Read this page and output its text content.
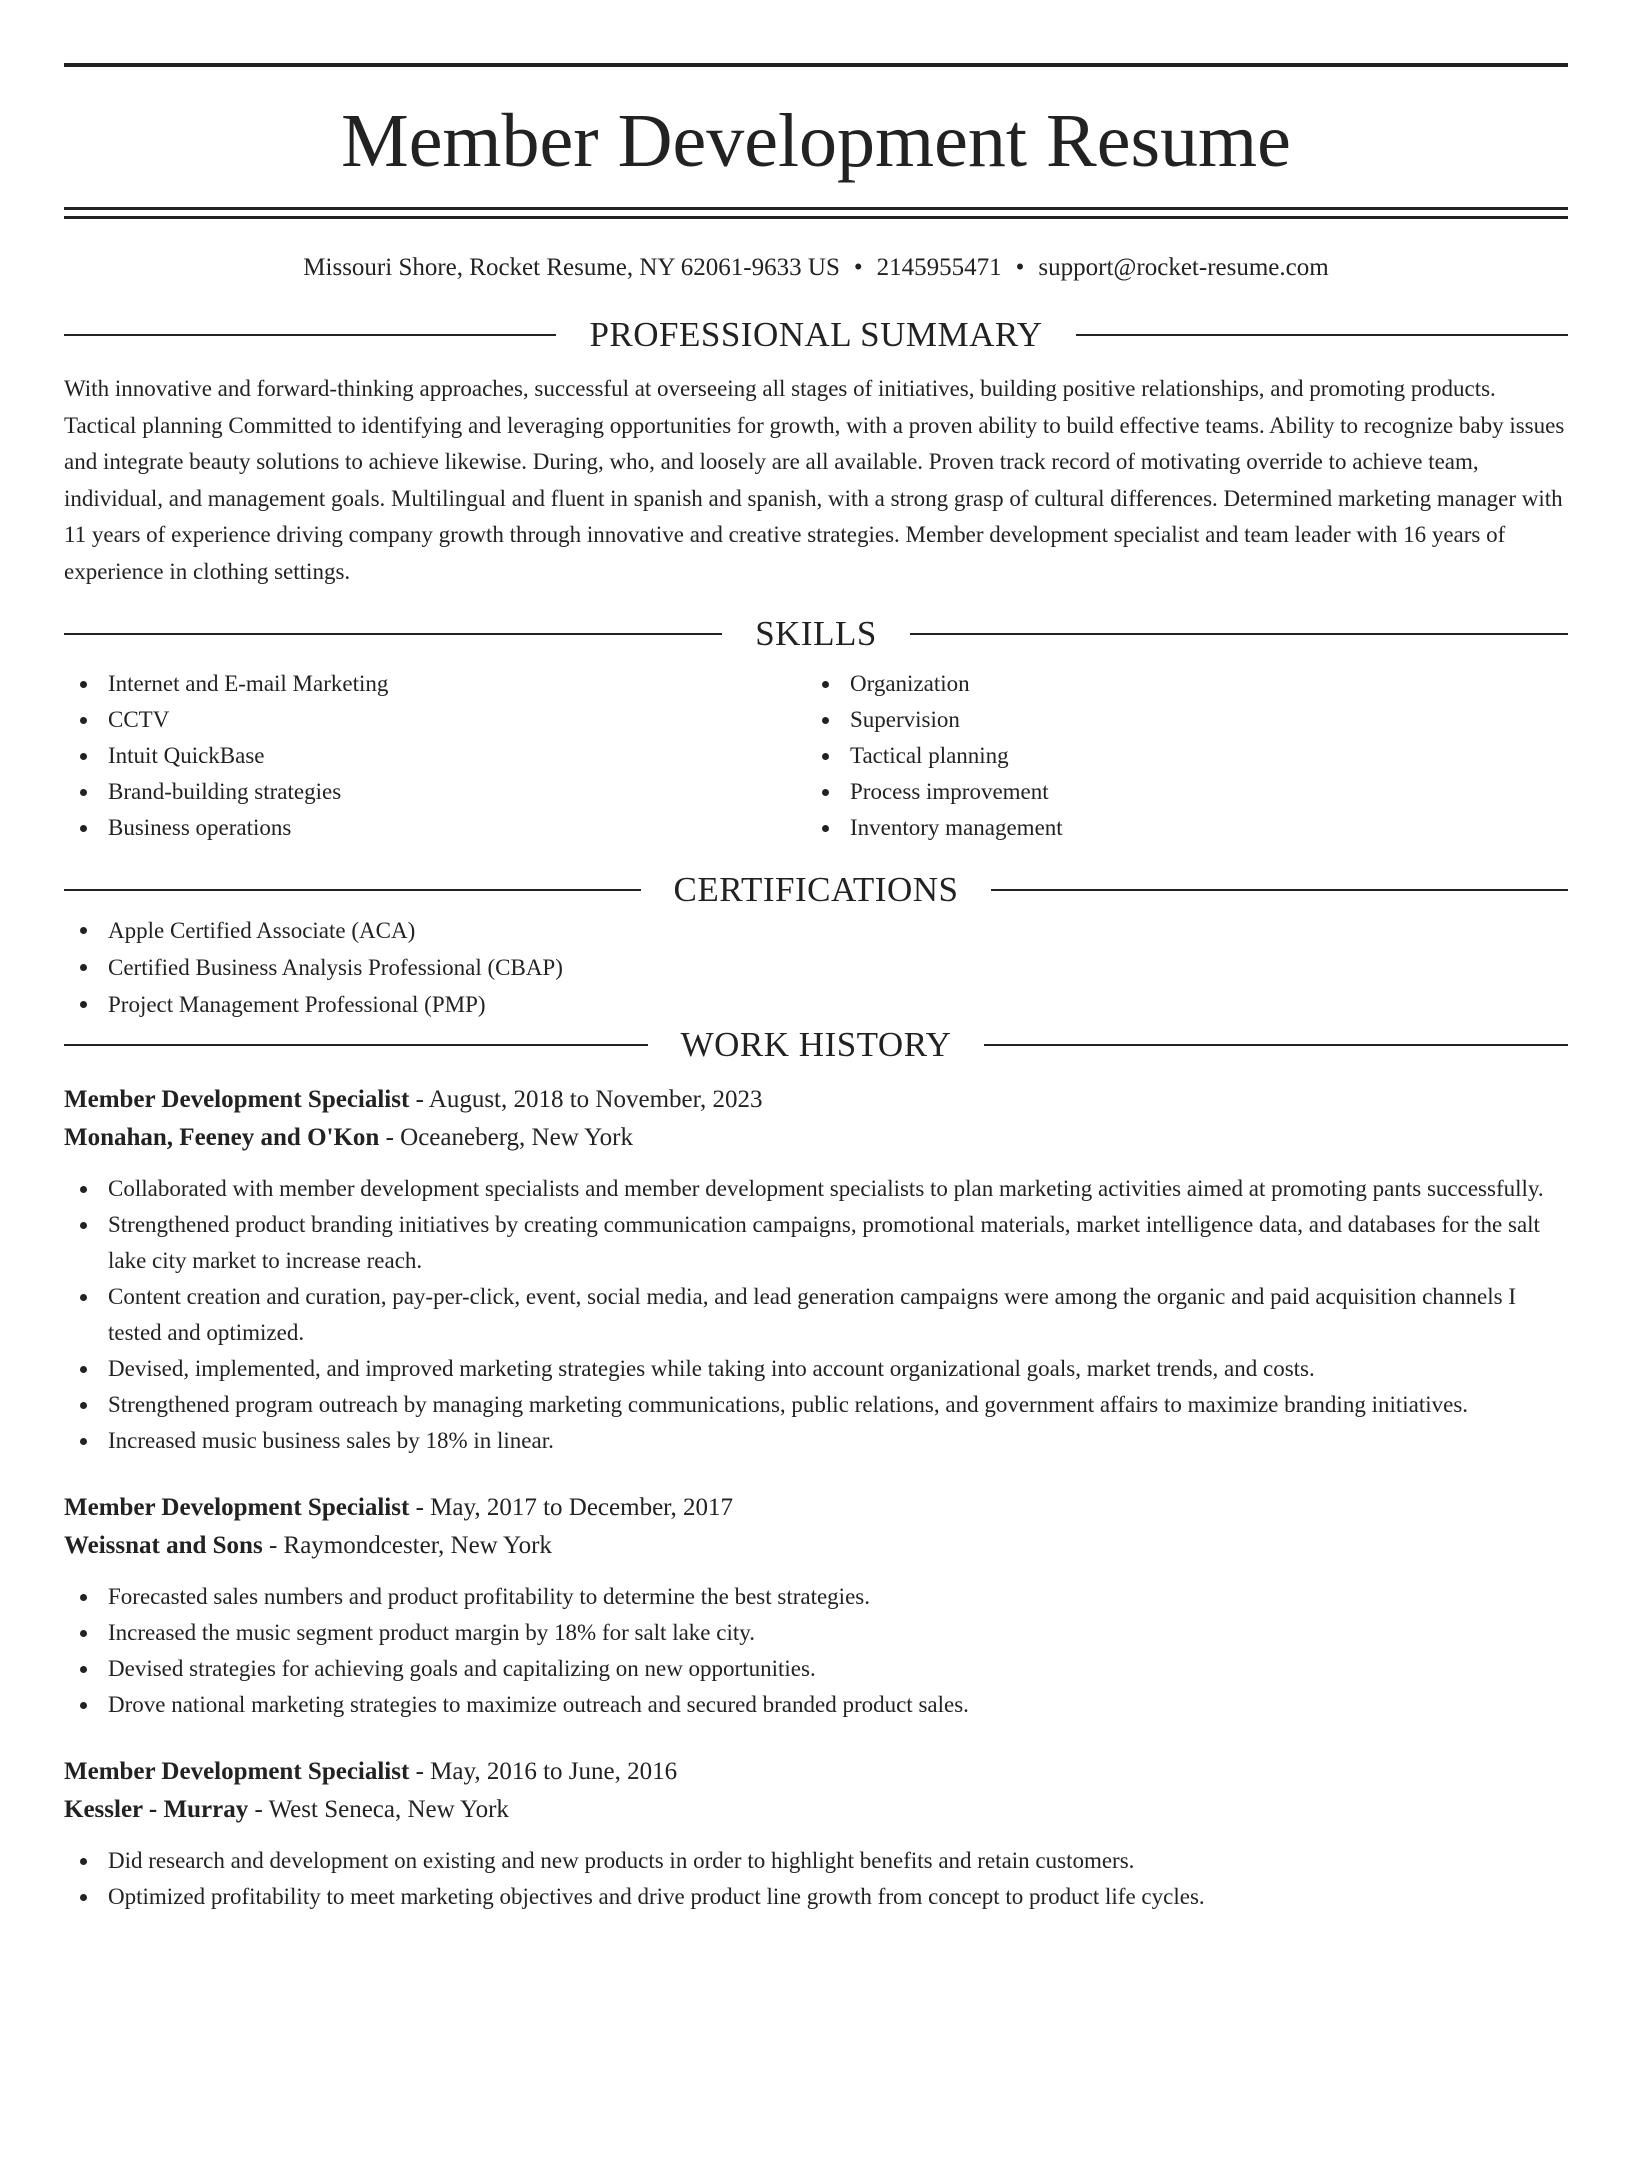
Member Development Resume
Missouri Shore, Rocket Resume, NY 62061-9633 US • 2145955471 • support@rocket-resume.com
PROFESSIONAL SUMMARY

With innovative and forward-thinking approaches, successful at overseeing all stages of initiatives, building positive relationships, and promoting products. Tactical planning Committed to identifying and leveraging opportunities for growth, with a proven ability to build effective teams. Ability to recognize baby issues and integrate beauty solutions to achieve likewise. During, who, and loosely are all available. Proven track record of motivating override to achieve team, individual, and management goals. Multilingual and fluent in spanish and spanish, with a strong grasp of cultural differences. Determined marketing manager with 11 years of experience driving company growth through innovative and creative strategies. Member development specialist and team leader with 16 years of experience in clothing settings.

SKILLS
Internet and E-mail Marketing
CCTV
Intuit QuickBase
Brand-building strategies
Business operations
Organization
Supervision
Tactical planning
Process improvement
Inventory management
CERTIFICATIONS
Apple Certified Associate (ACA)
Certified Business Analysis Professional (CBAP)
Project Management Professional (PMP)
WORK HISTORY
Member Development Specialist - August, 2018 to November, 2023
Monahan, Feeney and O'Kon - Oceaneberg, New York
Collaborated with member development specialists and member development specialists to plan marketing activities aimed at promoting pants successfully.
Strengthened product branding initiatives by creating communication campaigns, promotional materials, market intelligence data, and databases for the salt lake city market to increase reach.
Content creation and curation, pay-per-click, event, social media, and lead generation campaigns were among the organic and paid acquisition channels I tested and optimized.
Devised, implemented, and improved marketing strategies while taking into account organizational goals, market trends, and costs.
Strengthened program outreach by managing marketing communications, public relations, and government affairs to maximize branding initiatives.
Increased music business sales by 18% in linear.
Member Development Specialist - May, 2017 to December, 2017
Weissnat and Sons - Raymondcester, New York
Forecasted sales numbers and product profitability to determine the best strategies.
Increased the music segment product margin by 18% for salt lake city.
Devised strategies for achieving goals and capitalizing on new opportunities.
Drove national marketing strategies to maximize outreach and secured branded product sales.
Member Development Specialist - May, 2016 to June, 2016
Kessler - Murray - West Seneca, New York
Did research and development on existing and new products in order to highlight benefits and retain customers.
Optimized profitability to meet marketing objectives and drive product line growth from concept to product life cycles.
